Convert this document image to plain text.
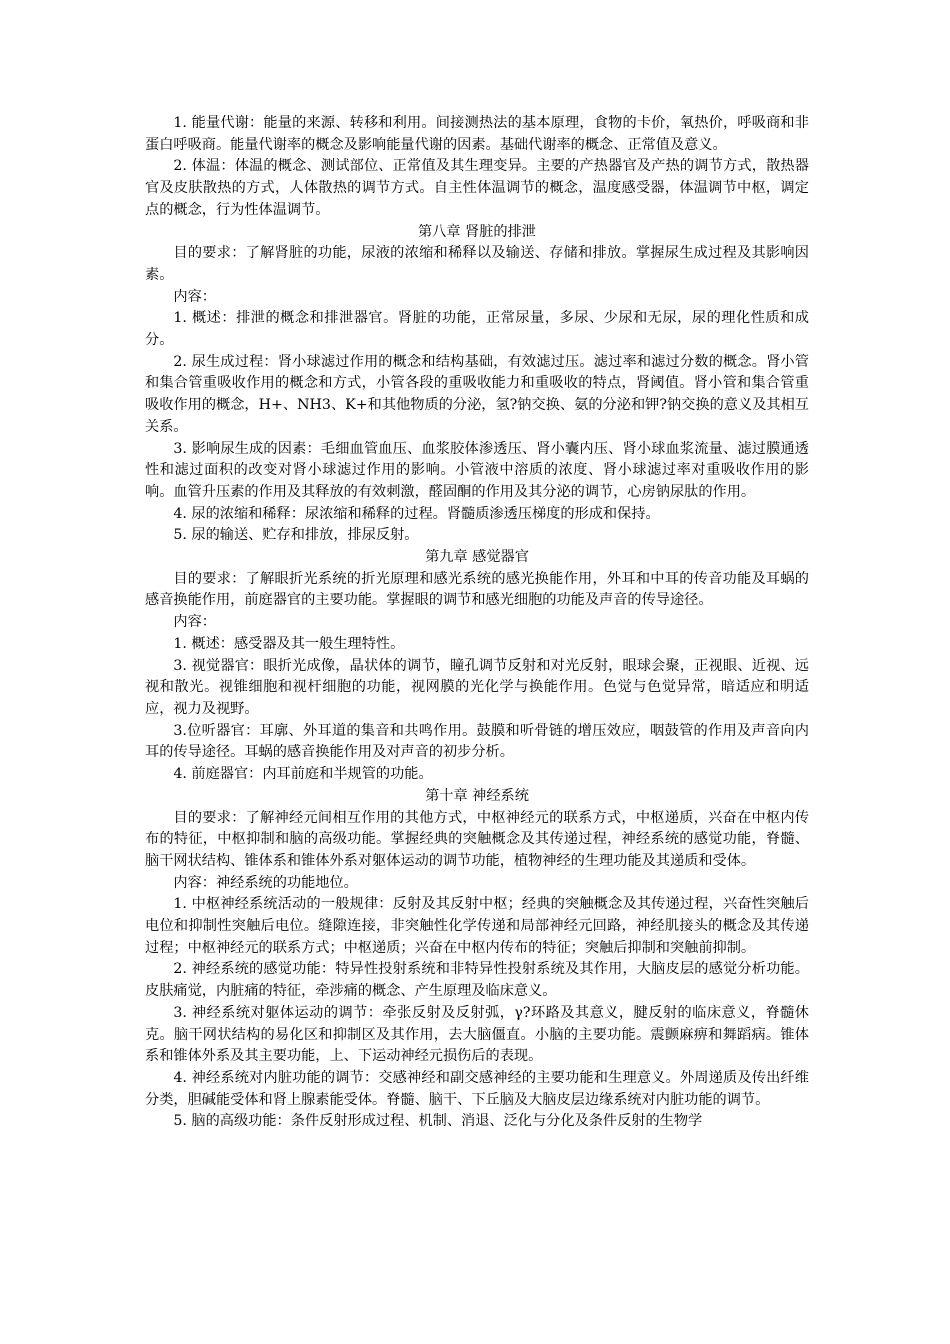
1. 能量代谢：能量的来源、转移和利用。间接测热法的基本原理，食物的卡价，氧热价，呼吸商和非蛋白呼吸商。能量代谢率的概念及影响能量代谢的因素。基础代谢率的概念、正常值及意义。

2. 体温：体温的概念、测试部位、正常值及其生理变异。主要的产热器官及产热的调节方式，散热器官及皮肤散热的方式，人体散热的调节方式。自主性体温调节的概念，温度感受器，体温调节中枢，调定点的概念，行为性体温调节。

第八章 肾脏的排泄

目的要求：了解肾脏的功能，尿液的浓缩和稀释以及输送、存储和排放。掌握尿生成过程及其影响因素。

内容：

1. 概述：排泄的概念和排泄器官。肾脏的功能，正常尿量，多尿、少尿和无尿，尿的理化性质和成分。

2. 尿生成过程：肾小球滤过作用的概念和结构基础，有效滤过压。滤过率和滤过分数的概念。肾小管和集合管重吸收作用的概念和方式，小管各段的重吸收能力和重吸收的特点，肾阈值。肾小管和集合管重吸收作用的概念，H+、NH3、K+和其他物质的分泌，氢?钠交换、氨的分泌和钾?钠交换的意义及其相互关系。

3. 影响尿生成的因素：毛细血管血压、血浆胶体渗透压、肾小囊内压、肾小球血浆流量、滤过膜通透性和滤过面积的改变对肾小球滤过作用的影响。小管液中溶质的浓度、肾小球滤过率对重吸收作用的影响。血管升压素的作用及其释放的有效刺激，醛固酮的作用及其分泌的调节，心房钠尿肽的作用。

4. 尿的浓缩和稀释：尿浓缩和稀释的过程。肾髓质渗透压梯度的形成和保持。

5. 尿的输送、贮存和排放，排尿反射。

第九章 感觉器官

目的要求：了解眼折光系统的折光原理和感光系统的感光换能作用，外耳和中耳的传音功能及耳蜗的感音换能作用，前庭器官的主要功能。掌握眼的调节和感光细胞的功能及声音的传导途径。

内容：

1. 概述：感受器及其一般生理特性。

3. 视觉器官：眼折光成像，晶状体的调节，瞳孔调节反射和对光反射，眼球会聚，正视眼、近视、远视和散光。视锥细胞和视杆细胞的功能，视网膜的光化学与换能作用。色觉与色觉异常，暗适应和明适应，视力及视野。

3.位听器官：耳廓、外耳道的集音和共鸣作用。鼓膜和听骨链的增压效应，咽鼓管的作用及声音向内耳的传导途径。耳蜗的感音换能作用及对声音的初步分析。

4. 前庭器官：内耳前庭和半规管的功能。

第十章 神经系统

目的要求：了解神经元间相互作用的其他方式，中枢神经元的联系方式，中枢递质，兴奋在中枢内传布的特征，中枢抑制和脑的高级功能。掌握经典的突触概念及其传递过程，神经系统的感觉功能，脊髓、脑干网状结构、锥体系和锥体外系对躯体运动的调节功能，植物神经的生理功能及其递质和受体。

内容：神经系统的功能地位。

1. 中枢神经系统活动的一般规律：反射及其反射中枢；经典的突触概念及其传递过程，兴奋性突触后电位和抑制性突触后电位。缝隙连接，非突触性化学传递和局部神经元回路，神经肌接头的概念及其传递过程；中枢神经元的联系方式；中枢递质；兴奋在中枢内传布的特征；突触后抑制和突触前抑制。

2. 神经系统的感觉功能：特异性投射系统和非特异性投射系统及其作用，大脑皮层的感觉分析功能。皮肤痛觉，内脏痛的特征，牵涉痛的概念、产生原理及临床意义。

3. 神经系统对躯体运动的调节：牵张反射及反射弧，γ?环路及其意义，腱反射的临床意义，脊髓休克。脑干网状结构的易化区和抑制区及其作用，去大脑僵直。小脑的主要功能。震颤麻痹和舞蹈病。锥体系和锥体外系及其主要功能，上、下运动神经元损伤后的表现。

4. 神经系统对内脏功能的调节：交感神经和副交感神经的主要功能和生理意义。外周递质及传出纤维分类，胆碱能受体和肾上腺素能受体。脊髓、脑干、下丘脑及大脑皮层边缘系统对内脏功能的调节。

5. 脑的高级功能：条件反射形成过程、机制、消退、泛化与分化及条件反射的生物学
